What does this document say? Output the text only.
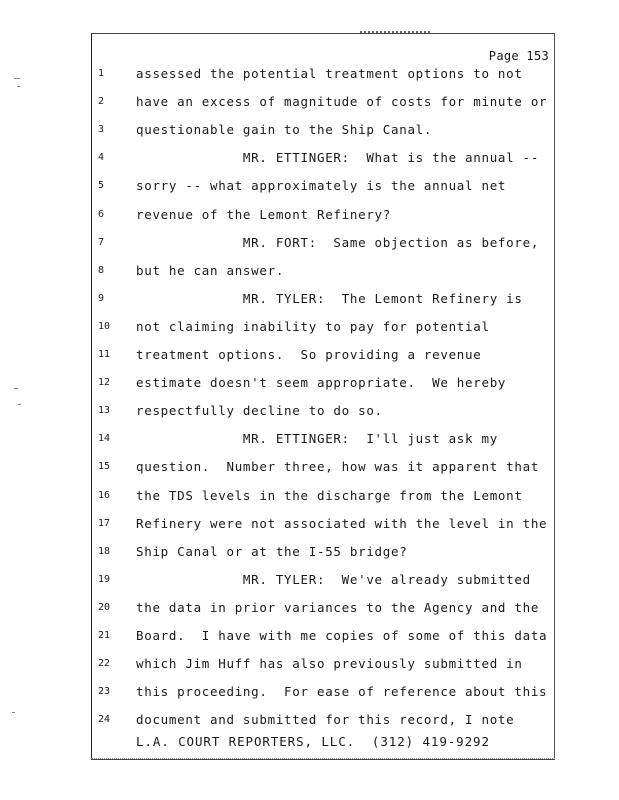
Page 153
1	assessed the potential treatment options to not
2	have an excess of magnitude of costs for minute or
3	questionable gain to the Ship Canal.
4	MR. ETTINGER:  What is the annual --
5	sorry -- what approximately is the annual net
6	revenue of the Lemont Refinery?
7	MR. FORT:  Same objection as before,
8	but he can answer.
9	MR. TYLER:  The Lemont Refinery is
10	not claiming inability to pay for potential
11	treatment options.  So providing a revenue
12	estimate doesn't seem appropriate.  We hereby
13	respectfully decline to do so.
14	MR. ETTINGER:  I'll just ask my
15	question.  Number three, how was it apparent that
16	the TDS levels in the discharge from the Lemont
17	Refinery were not associated with the level in the
18	Ship Canal or at the I-55 bridge?
19	MR. TYLER:  We've already submitted
20	the data in prior variances to the Agency and the
21	Board.  I have with me copies of some of this data
22	which Jim Huff has also previously submitted in
23	this proceeding.  For ease of reference about this
24	document and submitted for this record, I note
L.A. COURT REPORTERS, LLC.  (312) 419-9292
